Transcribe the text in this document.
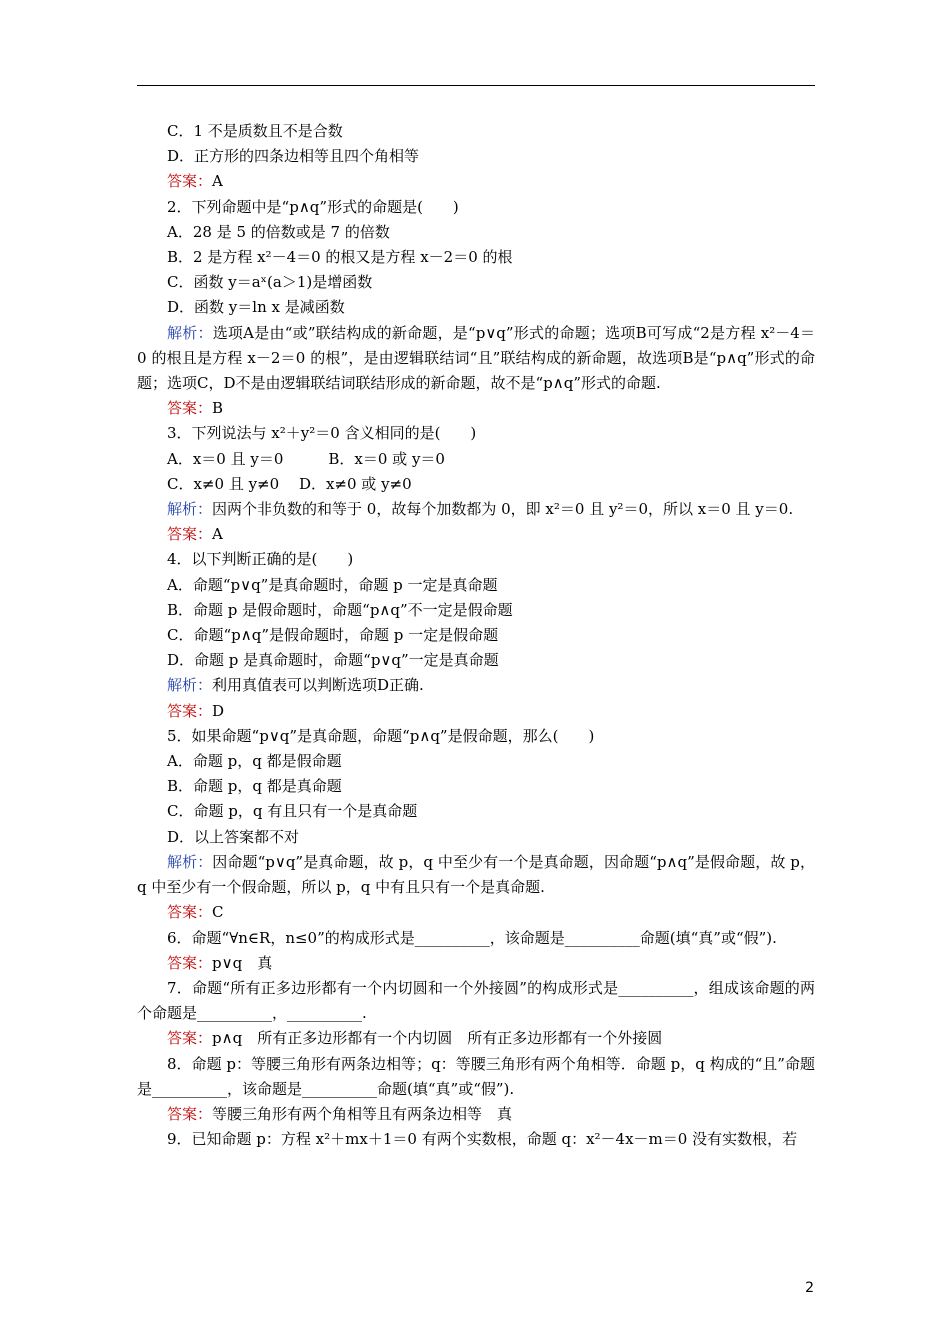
C．1 不是质数且不是合数
D．正方形的四条边相等且四个角相等
答案：A
2．下列命题中是“p∧q”形式的命题是(　　)
A．28 是 5 的倍数或是 7 的倍数
B．2 是方程 x²－4＝0 的根又是方程 x－2＝0 的根
C．函数 y＝aˣ(a＞1)是增函数
D．函数 y＝ln x 是减函数
解析：选项A是由“或”联结构成的新命题，是“p∨q”形式的命题；选项B可写成“2是方程 x²－4＝0 的根且是方程 x－2＝0 的根”，是由逻辑联结词“且”联结构成的新命题，故选项B是“p∧q”形式的命题；选项C，D不是由逻辑联结词联结形成的新命题，故不是“p∧q”形式的命题.
答案：B
3．下列说法与 x²＋y²＝0 含义相同的是(　　)
A．x＝0 且 y＝0　　　B．x＝0 或 y＝0
C．x≠0 且 y≠0　 D．x≠0 或 y≠0
解析：因两个非负数的和等于 0，故每个加数都为 0，即 x²＝0 且 y²＝0，所以 x＝0 且 y＝0.
答案：A
4．以下判断正确的是(　　)
A．命题“p∨q”是真命题时，命题 p 一定是真命题
B．命题 p 是假命题时，命题“p∧q”不一定是假命题
C．命题“p∧q”是假命题时，命题 p 一定是假命题
D．命题 p 是真命题时，命题“p∨q”一定是真命题
解析：利用真值表可以判断选项D正确.
答案：D
5．如果命题“p∨q”是真命题，命题“p∧q”是假命题，那么(　　)
A．命题 p，q 都是假命题
B．命题 p，q 都是真命题
C．命题 p，q 有且只有一个是真命题
D．以上答案都不对
解析：因命题“p∨q”是真命题，故 p，q 中至少有一个是真命题，因命题“p∧q”是假命题，故 p，q 中至少有一个假命题，所以 p，q 中有且只有一个是真命题.
答案：C
6．命题“∀n∈R，n≤0”的构成形式是__________，该命题是__________命题(填“真”或“假”).
答案：p∨q　真
7．命题“所有正多边形都有一个内切圆和一个外接圆”的构成形式是__________，组成该命题的两个命题是__________，__________.
答案：p∧q　所有正多边形都有一个内切圆　所有正多边形都有一个外接圆
8．命题 p：等腰三角形有两条边相等；q：等腰三角形有两个角相等．命题 p，q 构成的“且”命题是__________，该命题是__________命题(填“真”或“假”).
答案：等腰三角形有两个角相等且有两条边相等　真
9．已知命题 p：方程 x²＋mx＋1＝0 有两个实数根，命题 q：x²－4x－m＝0 没有实数根，若
2
